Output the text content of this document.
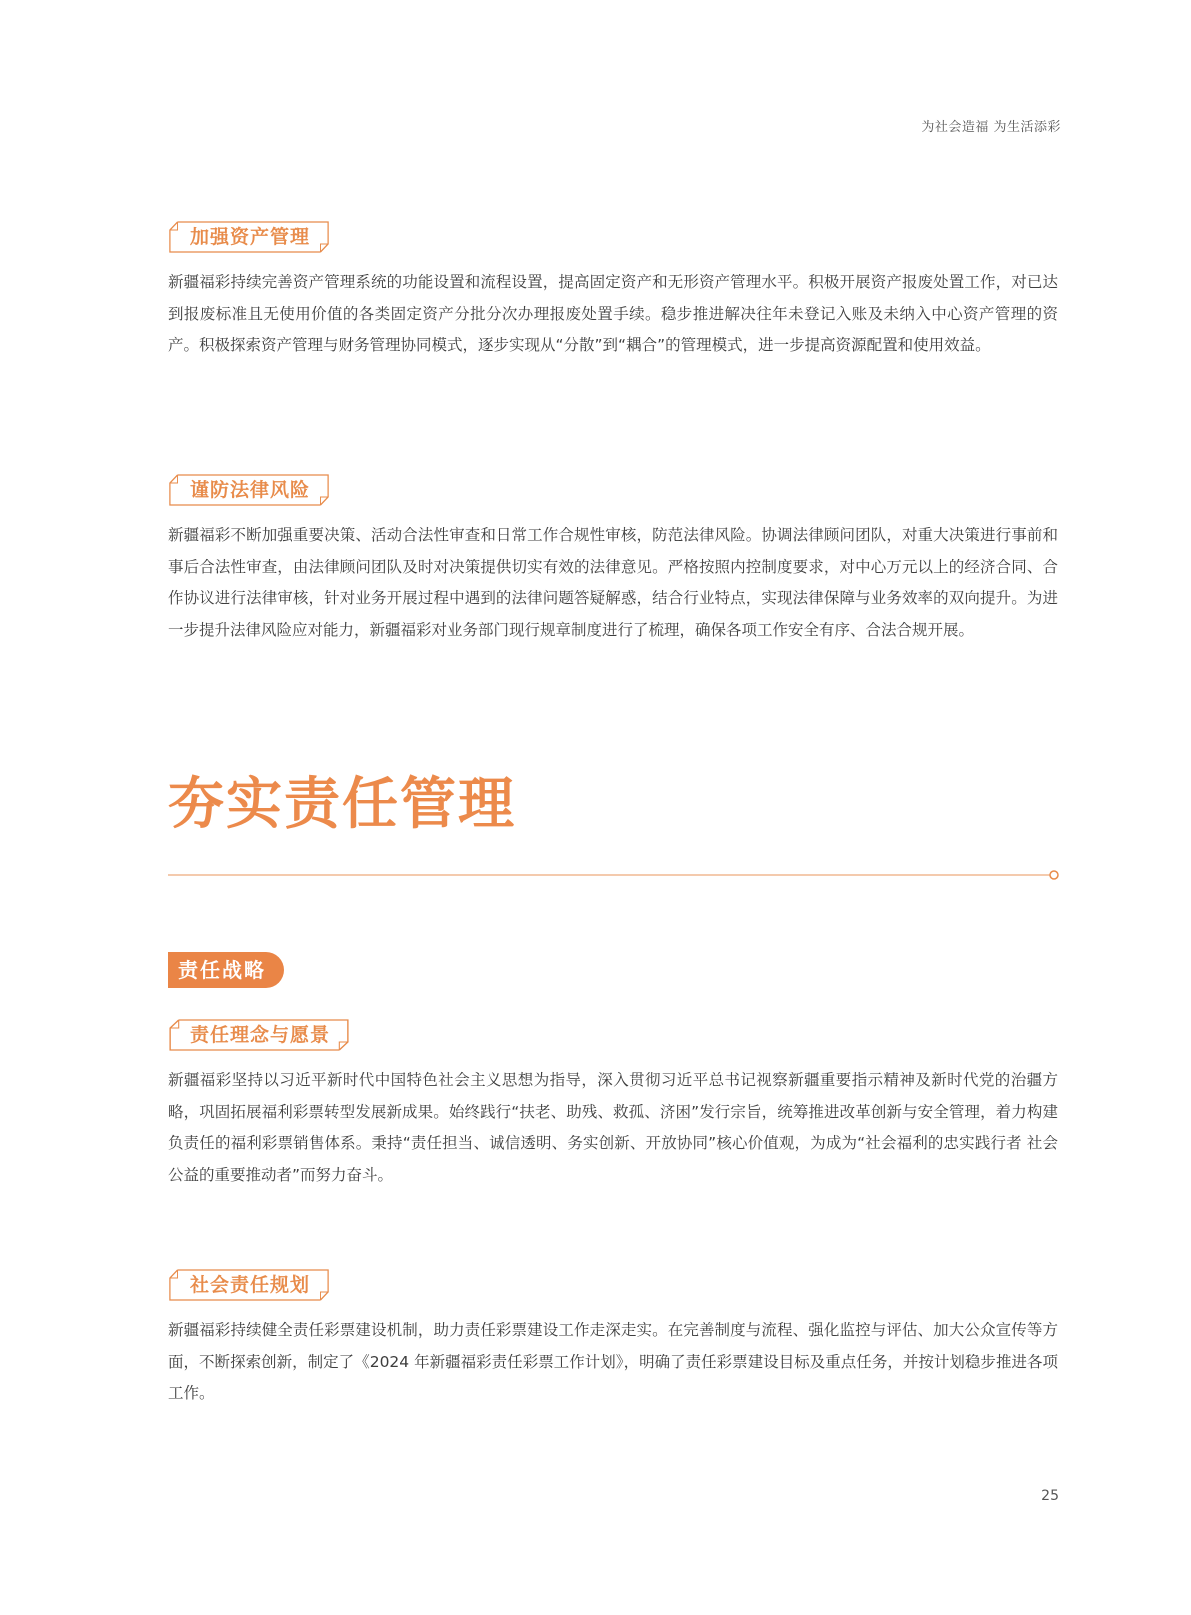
为社会造福 为生活添彩
加强资产管理

新疆福彩持续完善资产管理系统的功能设置和流程设置，提高固定资产和无形资产管理水平。积极开展资产报废处置工作，对已达到报废标准且无使用价值的各类固定资产分批分次办理报废处置手续。稳步推进解决往年未登记入账及未纳入中心资产管理的资产。积极探索资产管理与财务管理协同模式，逐步实现从“分散”到“耦合”的管理模式，进一步提高资源配置和使用效益。

谨防法律风险

新疆福彩不断加强重要决策、活动合法性审查和日常工作合规性审核，防范法律风险。协调法律顾问团队，对重大决策进行事前和事后合法性审查，由法律顾问团队及时对决策提供切实有效的法律意见。严格按照内控制度要求，对中心万元以上的经济合同、合作协议进行法律审核，针对业务开展过程中遇到的法律问题答疑解惑，结合行业特点，实现法律保障与业务效率的双向提升。为进一步提升法律风险应对能力，新疆福彩对业务部门现行规章制度进行了梳理，确保各项工作安全有序、合法合规开展。

夯实责任管理
责任战略
责任理念与愿景

新疆福彩坚持以习近平新时代中国特色社会主义思想为指导，深入贯彻习近平总书记视察新疆重要指示精神及新时代党的治疆方略，巩固拓展福利彩票转型发展新成果。始终践行“扶老、助残、救孤、济困”发行宗旨，统筹推进改革创新与安全管理，着力构建负责任的福利彩票销售体系。秉持“责任担当、诚信透明、务实创新、开放协同”核心价值观，为成为“社会福利的忠实践行者 社会公益的重要推动者”而努力奋斗。

社会责任规划

新疆福彩持续健全责任彩票建设机制，助力责任彩票建设工作走深走实。在完善制度与流程、强化监控与评估、加大公众宣传等方面，不断探索创新，制定了《2024 年新疆福彩责任彩票工作计划》，明确了责任彩票建设目标及重点任务，并按计划稳步推进各项工作。

25
